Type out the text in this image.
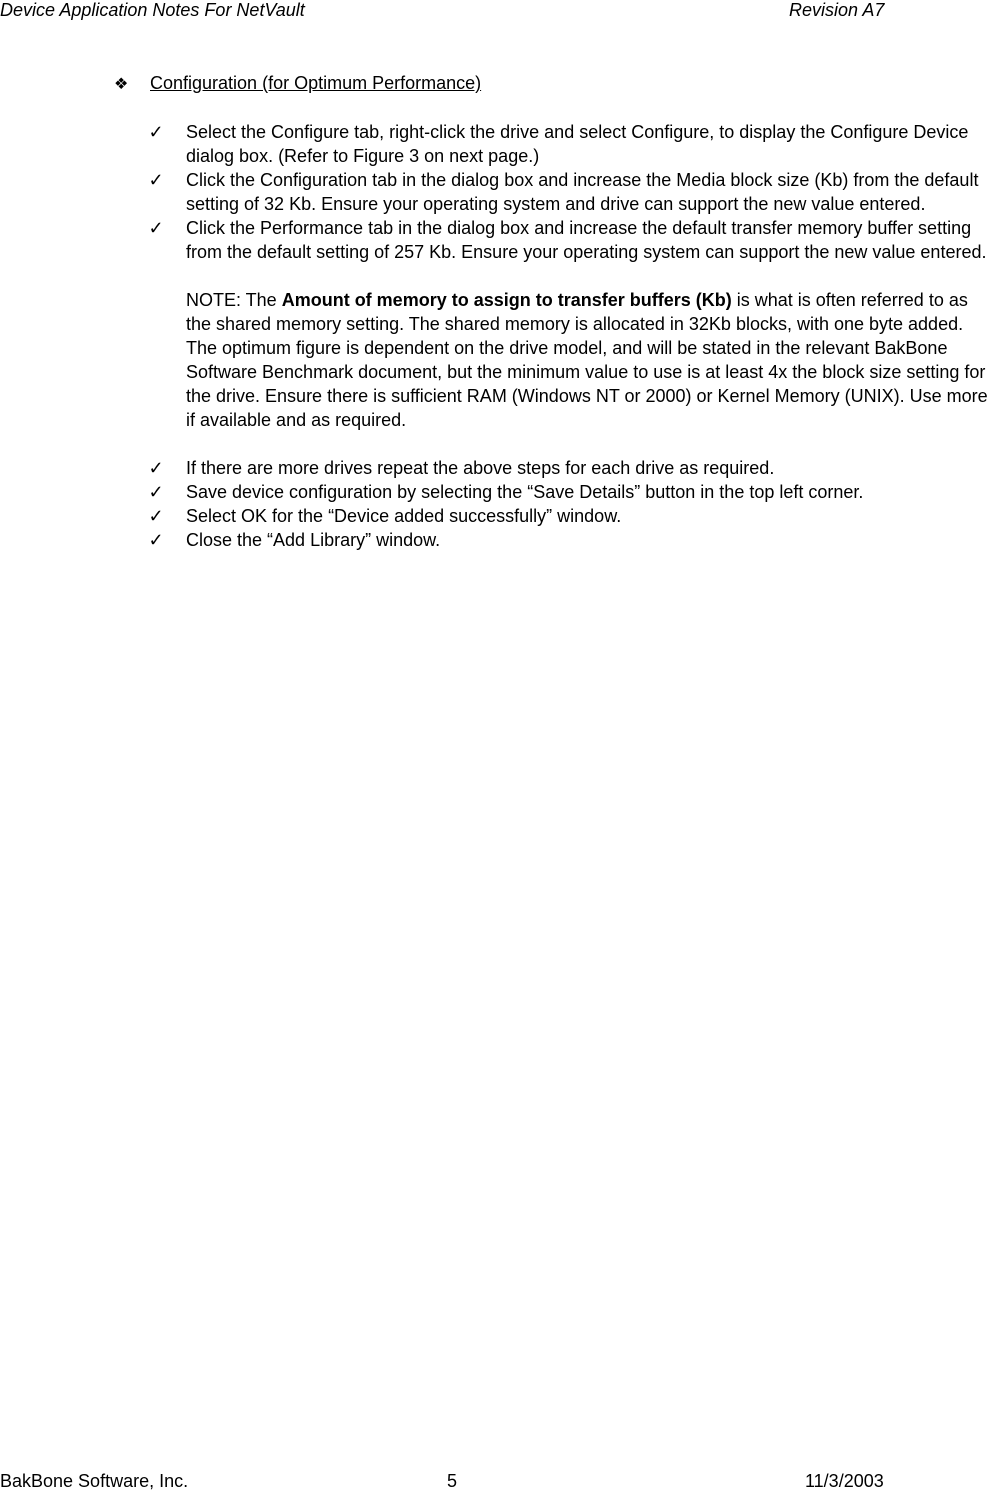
Device Application Notes For NetVault	Revision A7
❖ Configuration (for Optimum Performance)

✓ Select the Configure tab, right-click the drive and select Configure, to display the Configure Device dialog box. (Refer to Figure 3 on next page.)

✓ Click the Configuration tab in the dialog box and increase the Media block size (Kb) from the default setting of 32 Kb. Ensure your operating system and drive can support the new value entered.

✓ Click the Performance tab in the dialog box and increase the default transfer memory buffer setting from the default setting of 257 Kb. Ensure your operating system can support the new value entered.

NOTE: The Amount of memory to assign to transfer buffers (Kb) is what is often referred to as the shared memory setting. The shared memory is allocated in 32Kb blocks, with one byte added. The optimum figure is dependent on the drive model, and will be stated in the relevant BakBone Software Benchmark document, but the minimum value to use is at least 4x the block size setting for the drive. Ensure there is sufficient RAM (Windows NT or 2000) or Kernel Memory (UNIX). Use more if available and as required.

✓ If there are more drives repeat the above steps for each drive as required.

✓ Save device configuration by selecting the “Save Details” button in the top left corner.

✓ Select OK for the “Device added successfully” window.

✓ Close the “Add Library” window.

BakBone Software, Inc.	5	11/3/2003
